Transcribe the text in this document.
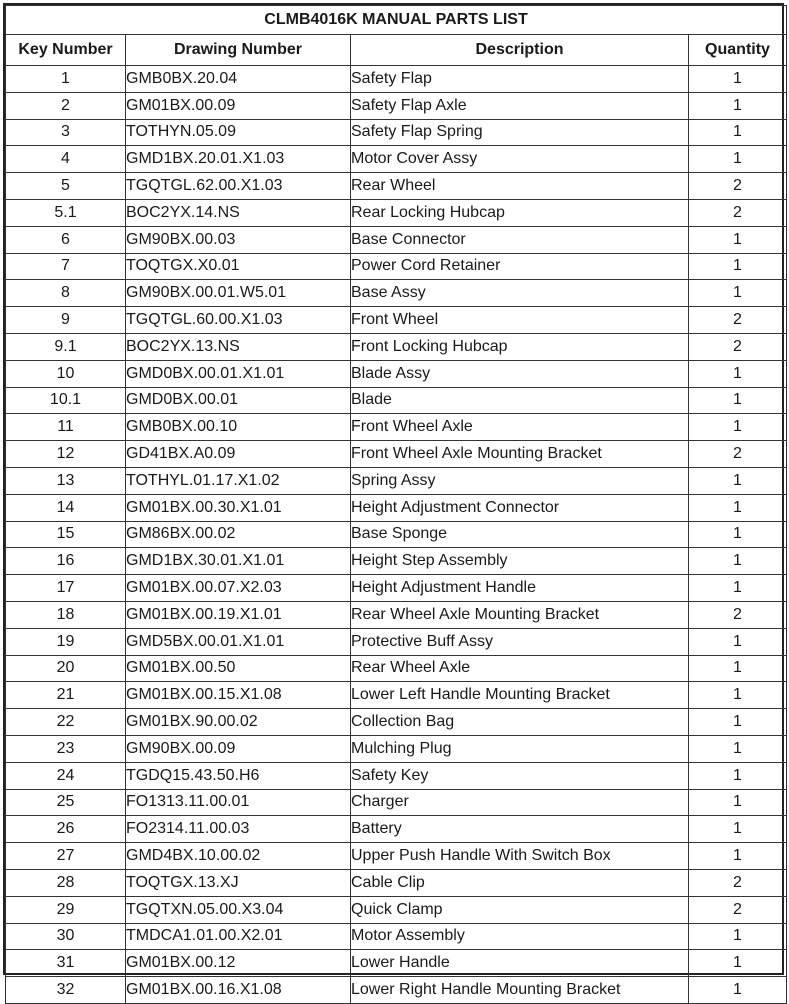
CLMB4016K MANUAL PARTS LIST			
Key Number	Drawing Number	Description	Quantity
1	GMB0BX.20.04	Safety Flap	1
2	GM01BX.00.09	Safety Flap Axle	1
3	TOTHYN.05.09	Safety Flap Spring	1
4	GMD1BX.20.01.X1.03	Motor Cover Assy	1
5	TGQTGL.62.00.X1.03	Rear Wheel	2
5.1	BOC2YX.14.NS	Rear Locking Hubcap	2
6	GM90BX.00.03	Base Connector	1
7	TOQTGX.X0.01	Power Cord Retainer	1
8	GM90BX.00.01.W5.01	Base Assy	1
9	TGQTGL.60.00.X1.03	Front Wheel	2
9.1	BOC2YX.13.NS	Front Locking Hubcap	2
10	GMD0BX.00.01.X1.01	Blade Assy	1
10.1	GMD0BX.00.01	Blade	1
11	GMB0BX.00.10	Front Wheel Axle	1
12	GD41BX.A0.09	Front Wheel Axle Mounting Bracket	2
13	TOTHYL.01.17.X1.02	Spring Assy	1
14	GM01BX.00.30.X1.01	Height Adjustment Connector	1
15	GM86BX.00.02	Base Sponge	1
16	GMD1BX.30.01.X1.01	Height Step Assembly	1
17	GM01BX.00.07.X2.03	Height Adjustment Handle	1
18	GM01BX.00.19.X1.01	Rear Wheel Axle Mounting Bracket	2
19	GMD5BX.00.01.X1.01	Protective Buff Assy	1
20	GM01BX.00.50	Rear Wheel Axle	1
21	GM01BX.00.15.X1.08	Lower Left Handle Mounting Bracket	1
22	GM01BX.90.00.02	Collection Bag	1
23	GM90BX.00.09	Mulching Plug	1
24	TGDQ15.43.50.H6	Safety Key	1
25	FO1313.11.00.01	Charger	1
26	FO2314.11.00.03	Battery	1
27	GMD4BX.10.00.02	Upper Push Handle With Switch Box	1
28	TOQTGX.13.XJ	Cable Clip	2
29	TGQTXN.05.00.X3.04	Quick Clamp	2
30	TMDCA1.01.00.X2.01	Motor Assembly	1
31	GM01BX.00.12	Lower Handle	1
32	GM01BX.00.16.X1.08	Lower Right Handle Mounting Bracket	1
